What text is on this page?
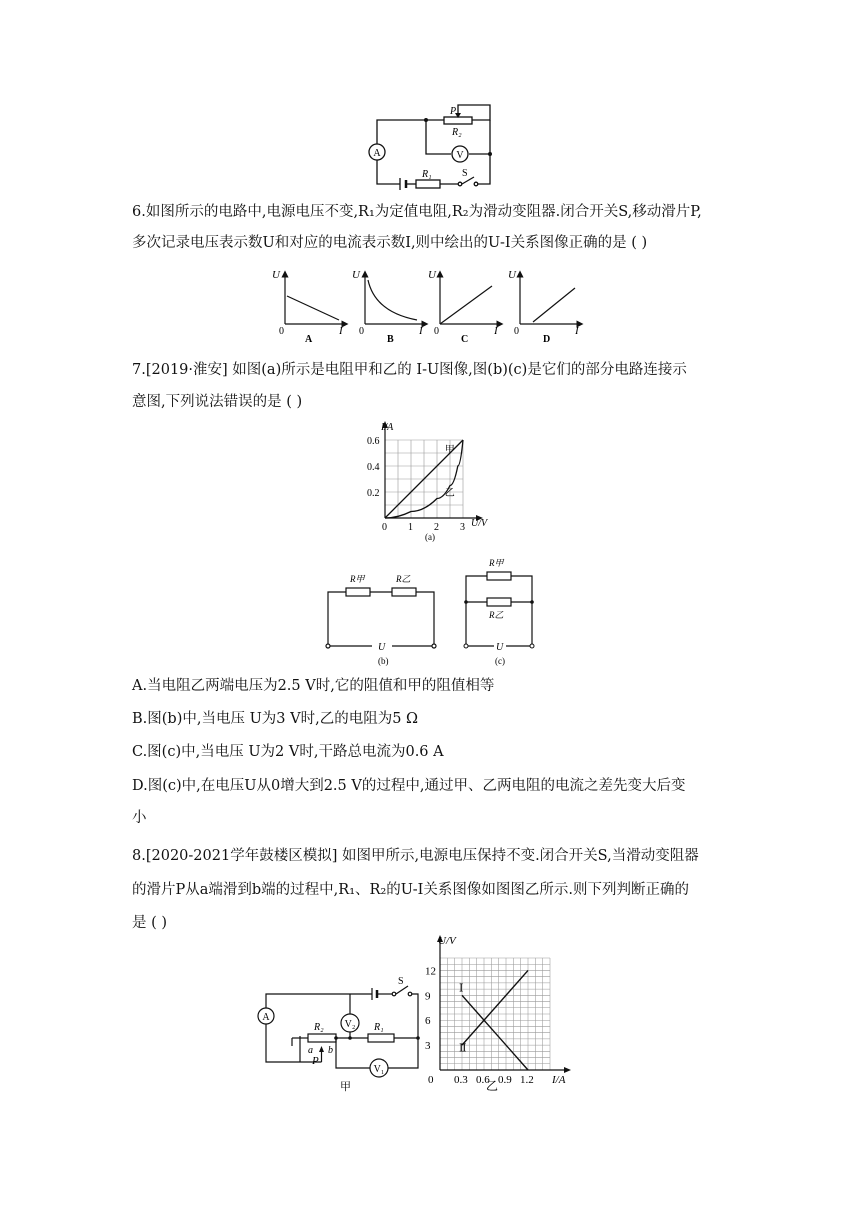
A	V
P
R₂
R₁	S
6.如图所示的电路中,电源电压不变,R₁为定值电阻,R₂为滑动变阻器.闭合开关S,移动滑片P,
多次记录电压表示数U和对应的电流表示数I,则中绘出的U-I关系图像正确的是 ( )
U
0	I
A
U
0	I
B
U
0	I
C
U
0	I
D
7.[2019·淮安] 如图(a)所示是电阻甲和乙的 I-U图像,图(b)(c)是它们的部分电路连接示
意图,下列说法错误的是 ( )
甲
乙
0 1 2 3
0.2
0.4
0.6
U/V
I/A
(a)
R甲	R乙
U
(b)
R甲
R乙
U
(c)
A.当电阻乙两端电压为2.5 V时,它的阻值和甲的阻值相等
B.图(b)中,当电压 U为3 V时,乙的电阻为5 Ω
C.图(c)中,当电压 U为2 V时,干路总电流为0.6 A
D.图(c)中,在电压U从0增大到2.5 V的过程中,通过甲、乙两电阻的电流之差先变大后变
小
8.[2020-2021学年鼓楼区模拟] 如图甲所示,电源电压保持不变.闭合开关S,当滑动变阻器
的滑片P从a端滑到b端的过程中,R₁、R₂的U-I关系图像如图图乙所示.则下列判断正确的
是 ( )
A
V₂
V₁
R₂	R₁
S
a b
P
甲
Ⅰ
Ⅱ
0.3 0.6 0.9 1.2
3
6
9
12
0	I/A
U/V
乙
